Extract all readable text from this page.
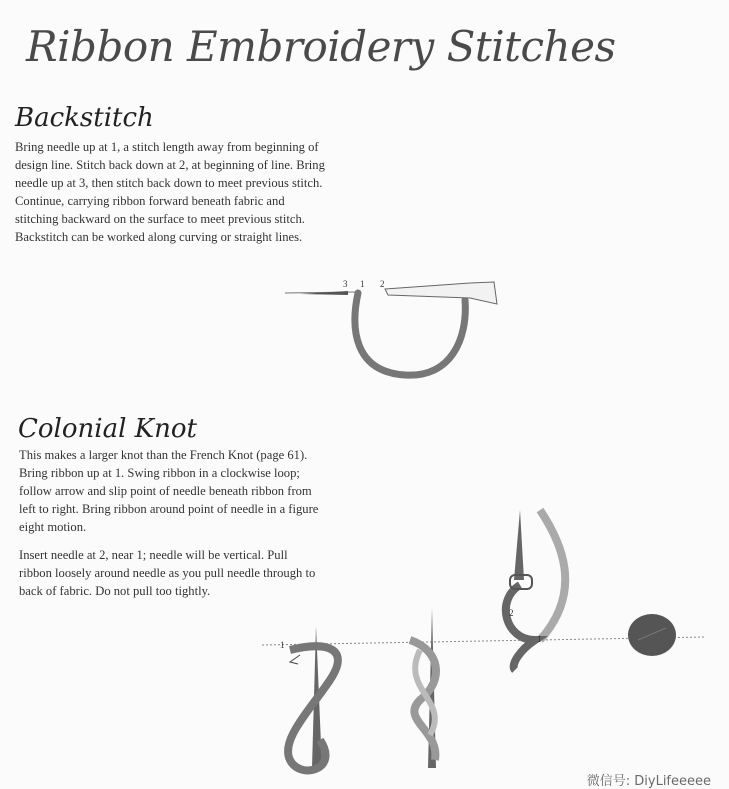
Ribbon Embroidery Stitches
Backstitch
Bring needle up at 1, a stitch length away from beginning of design line. Stitch back down at 2, at beginning of line. Bring needle up at 3, then stitch back down to meet previous stitch. Continue, carrying ribbon forward beneath fabric and stitching backward on the surface to meet previous stitch. Backstitch can be worked along curving or straight lines.
Colonial Knot
This makes a larger knot than the French Knot (page 61). Bring ribbon up at 1. Swing ribbon in a clockwise loop; follow arrow and slip point of needle beneath ribbon from left to right. Bring ribbon around point of needle in a figure eight motion.
Insert needle at 2, near 1; needle will be vertical. Pull ribbon loosely around needle as you pull needle through to back of fabric. Do not pull too tightly.
3 1 2
1
2
1
微信号: DiyLifeeeee
